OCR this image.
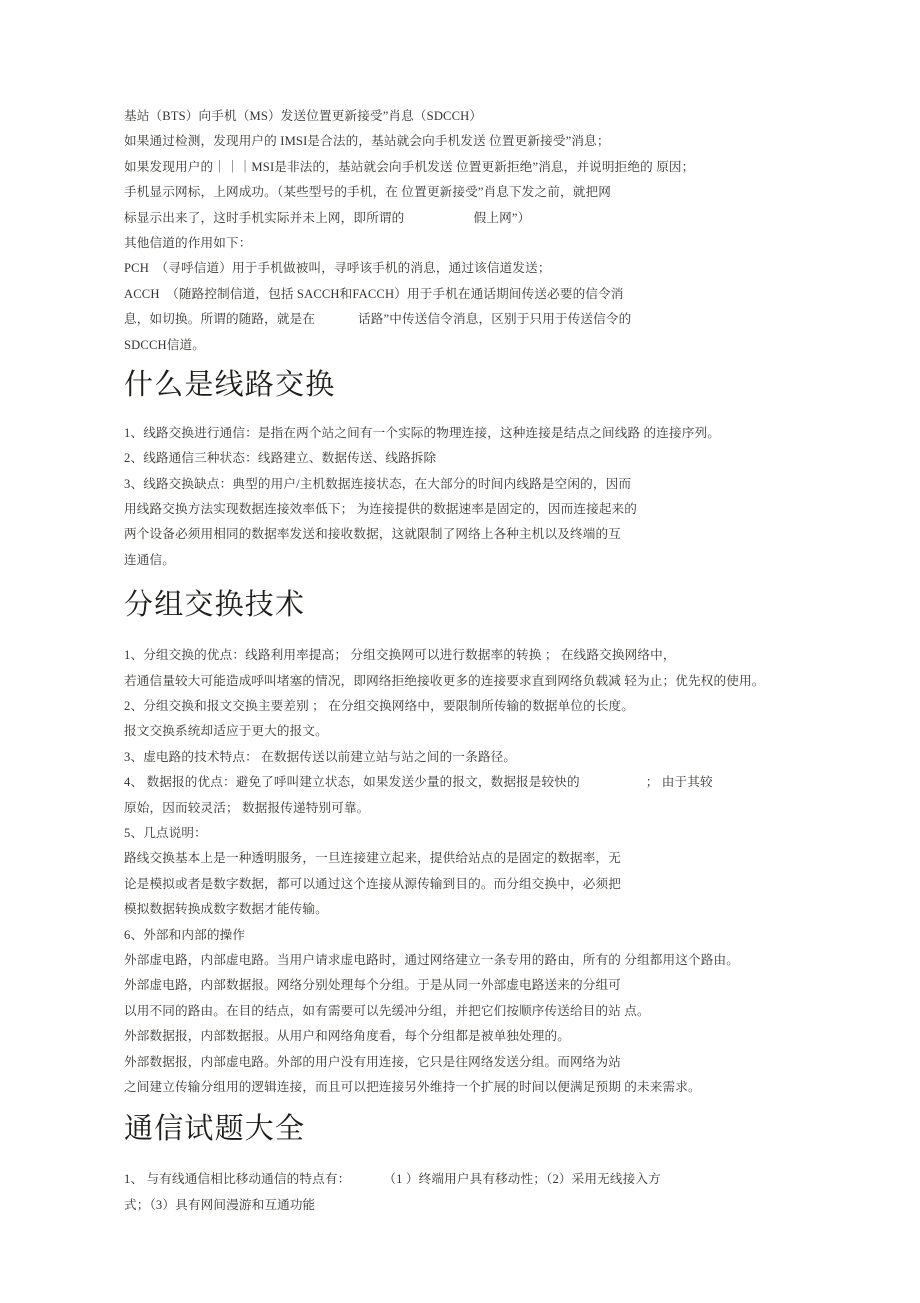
基站（BTS）向手机（MS）发送位置更新接受”肖息（SDCCH）
如果通过检测，发现用户的 IMSI是合法的，基站就会向手机发送 位置更新接受”消息；
如果发现用户的｜｜｜MSI是非法的，基站就会向手机发送 位置更新拒绝”消息，并说明拒绝的 原因；
手机显示网标，上网成功。（某些型号的手机，在 位置更新接受”肖息下发之前，就把网
标显示出来了，这时手机实际并未上网，即所谓的                     假上网”）
其他信道的作用如下：
PCH  （寻呼信道）用于手机做被叫，寻呼该手机的消息，通过该信道发送；
ACCH  （随路控制信道，包括 SACCH和FACCH）用于手机在通话期间传送必要的信令消
息，如切换。所谓的随路，就是在             话路”中传送信令消息，区别于只用于传送信令的
SDCCH信道。
什么是线路交换
1、线路交换进行通信：是指在两个站之间有一个实际的物理连接，这种连接是结点之间线路 的连接序列。
2、线路通信三种状态：线路建立、数据传送、线路拆除
3、线路交换缺点：典型的用户/主机数据连接状态，在大部分的时间内线路是空闲的，因而
用线路交换方法实现数据连接效率低下； 为连接提供的数据速率是固定的，因而连接起来的
两个设备必须用相同的数据率发送和接收数据，这就限制了网络上各种主机以及终端的互
连通信。
分组交换技术
1、分组交换的优点：线路利用率提高； 分组交换网可以进行数据率的转换 ； 在线路交换网络中，
若通信量较大可能造成呼叫堵塞的情况，即网络拒绝接收更多的连接要求直到网络负载减 轻为止；优先权的使用。
2、分组交换和报文交换主要差别 ； 在分组交换网络中，要限制所传输的数据单位的长度。
报文交换系统却适应于更大的报文。
3、虚电路的技术特点： 在数据传送以前建立站与站之间的一条路径。
4、 数据报的优点：避免了呼叫建立状态，如果发送少量的报文，数据报是较快的                    ； 由于其较
原始，因而较灵活； 数据报传递特别可靠。
5、几点说明：
路线交换基本上是一种透明服务，一旦连接建立起来，提供给站点的是固定的数据率，无
论是模拟或者是数字数据，都可以通过这个连接从源传输到目的。而分组交换中，必须把
模拟数据转换成数字数据才能传输。
6、外部和内部的操作
外部虚电路，内部虚电路。当用户请求虚电路时，通过网络建立一条专用的路由，所有的 分组都用这个路由。
外部虚电路，内部数据报。网络分别处理每个分组。于是从同一外部虚电路送来的分组可
以用不同的路由。在目的结点，如有需要可以先缓冲分组，并把它们按顺序传送给目的站 点。
外部数据报，内部数据报。从用户和网络角度看，每个分组都是被单独处理的。
外部数据报，内部虚电路。外部的用户没有用连接，它只是往网络发送分组。而网络为站
之间建立传输分组用的逻辑连接，而且可以把连接另外维持一个扩展的时间以便满足预期 的未来需求。
通信试题大全
1、 与有线通信相比移动通信的特点有：          （1 ）终端用户具有移动性；（2）采用无线接入方
式；（3）具有网间漫游和互通功能
